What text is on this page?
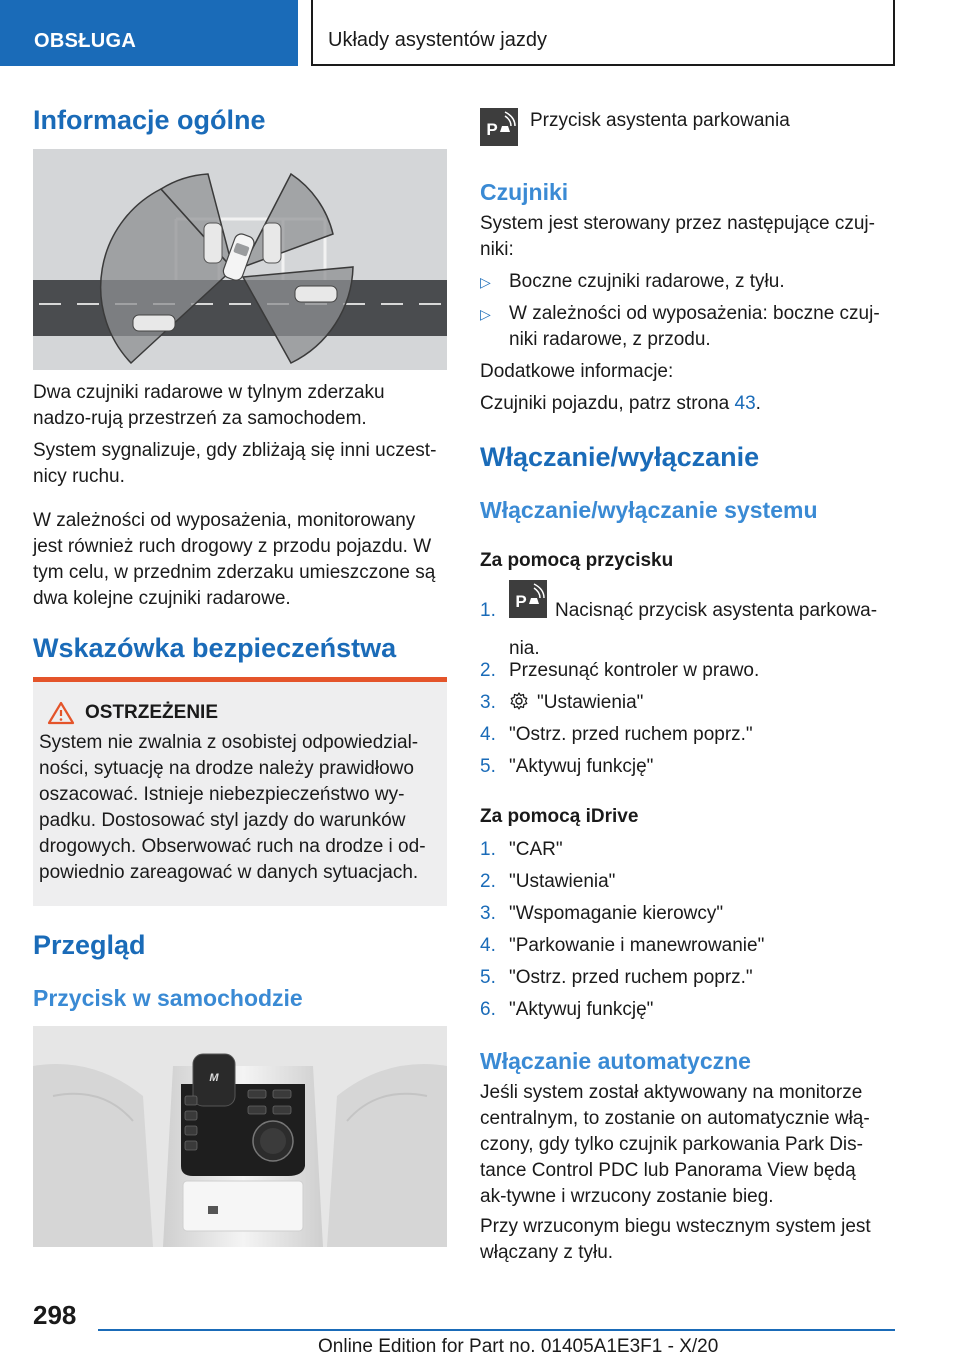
OBSŁUGA	Układy asystentów jazdy
Informacje ogólne

Dwa czujniki radarowe w tylnym zderzaku nadzo-rują przestrzeń za samochodem.

System sygnalizuje, gdy zbliżają się inni uczest-nicy ruchu.

W zależności od wyposażenia, monitorowany jest również ruch drogowy z przodu pojazdu. W tym celu, w przednim zderzaku umieszczone są dwa kolejne czujniki radarowe.

Wskazówka bezpieczeństwa
OSTRZEŻENIE

System nie zwalnia z osobistej odpowiedzial-ności, sytuację na drodze należy prawidłowo oszacować. Istnieje niebezpieczeństwo wy-padku. Dostosować styl jazdy do warunków drogowych. Obserwować ruch na drodze i od-powiednio zareagować w danych sytuacjach.

Przegląd
Przycisk w samochodzie
M
P Przycisk asystenta parkowania
Czujniki

System jest sterowany przez następujące czuj-niki:

▷ Boczne czujniki radarowe, z tyłu.
▷ W zależności od wyposażenia: boczne czuj-niki radarowe, z przodu.

Dodatkowe informacje:

Czujniki pojazdu, patrz strona 43.

Włączanie/wyłączanie
Włączanie/wyłączanie systemu
Za pomocą przycisku
1. P Nacisnąć przycisk asystenta parkowa-nia.
2. Przesunąć kontroler w prawo.
3. "Ustawienia"
4. "Ostrz. przed ruchem poprz."
5. "Aktywuj funkcję"
Za pomocą iDrive
1. "CAR"
2. "Ustawienia"
3. "Wspomaganie kierowcy"
4. "Parkowanie i manewrowanie"
5. "Ostrz. przed ruchem poprz."
6. "Aktywuj funkcję"
Włączanie automatyczne

Jeśli system został aktywowany na monitorze centralnym, to zostanie on automatycznie włą-czony, gdy tylko czujnik parkowania Park Dis-tance Control PDC lub Panorama View będą ak-tywne i wrzucony zostanie bieg.

Przy wrzuconym biegu wstecznym system jest włączany z tyłu.

298
Online Edition for Part no. 01405A1E3F1 - X/20
